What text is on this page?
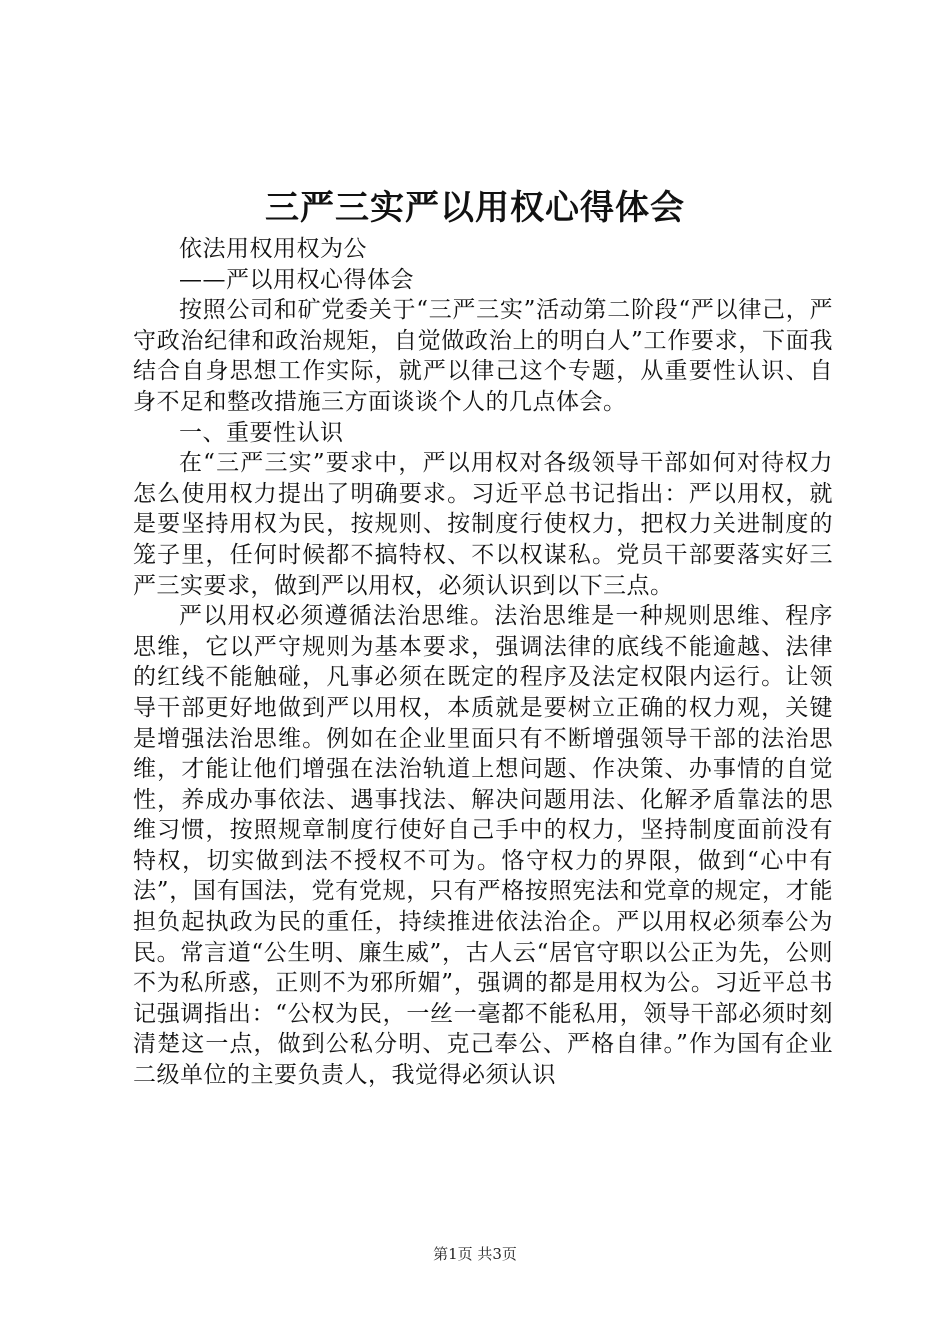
三严三实严以用权心得体会

依法用权用权为公

——严以用权心得体会

按照公司和矿党委关于“三严三实”活动第二阶段“严以律己，严守政治纪律和政治规矩，自觉做政治上的明白人”工作要求，下面我结合自身思想工作实际，就严以律己这个专题，从重要性认识、自身不足和整改措施三方面谈谈个人的几点体会。

一、重要性认识

在“三严三实”要求中，严以用权对各级领导干部如何对待权力怎么使用权力提出了明确要求。习近平总书记指出：严以用权，就是要坚持用权为民，按规则、按制度行使权力，把权力关进制度的笼子里，任何时候都不搞特权、不以权谋私。党员干部要落实好三严三实要求，做到严以用权，必须认识到以下三点。

严以用权必须遵循法治思维。法治思维是一种规则思维、程序思维，它以严守规则为基本要求，强调法律的底线不能逾越、法律的红线不能触碰，凡事必须在既定的程序及法定权限内运行。让领导干部更好地做到严以用权，本质就是要树立正确的权力观，关键是增强法治思维。例如在企业里面只有不断增强领导干部的法治思维，才能让他们增强在法治轨道上想问题、作决策、办事情的自觉性，养成办事依法、遇事找法、解决问题用法、化解矛盾靠法的思维习惯，按照规章制度行使好自己手中的权力，坚持制度面前没有特权，切实做到法不授权不可为。恪守权力的界限，做到“心中有法”，国有国法，党有党规，只有严格按照宪法和党章的规定，才能担负起执政为民的重任，持续推进依法治企。严以用权必须奉公为民。常言道“公生明、廉生威”，古人云“居官守职以公正为先，公则不为私所惑，正则不为邪所媚”，强调的都是用权为公。习近平总书记强调指出：“公权为民，一丝一毫都不能私用，领导干部必须时刻清楚这一点，做到公私分明、克己奉公、严格自律。”作为国有企业二级单位的主要负责人，我觉得必须认识

第1页 共3页
